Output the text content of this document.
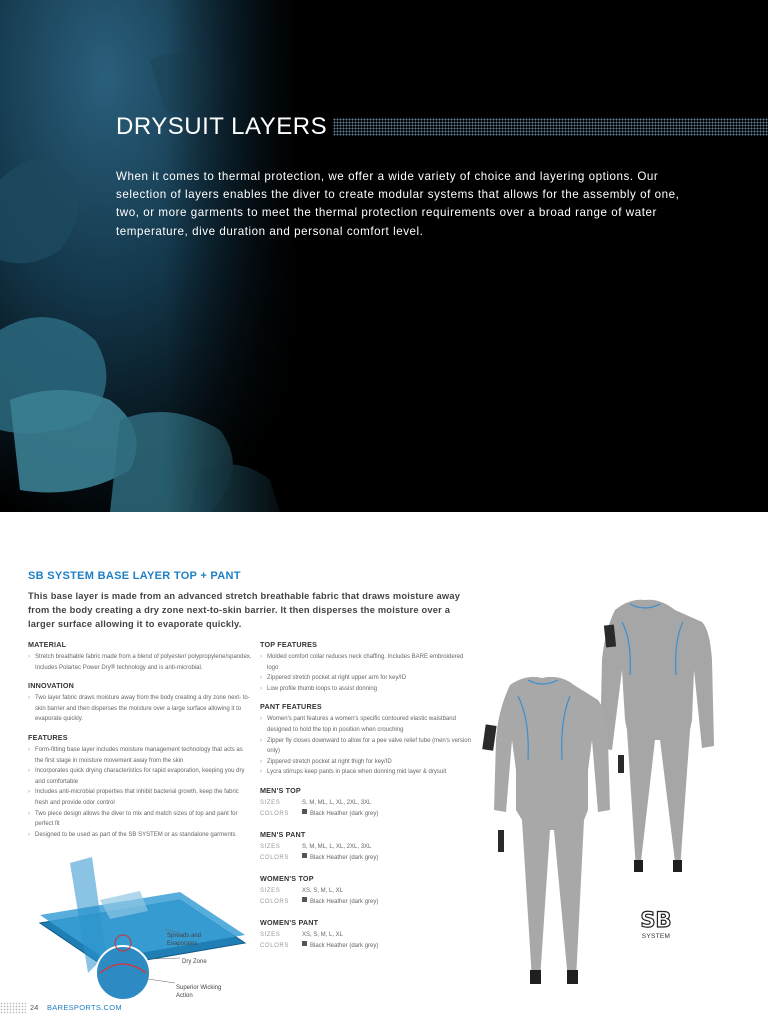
DRYSUIT LAYERS

When it comes to thermal protection, we offer a wide variety of choice and layering options. Our selection of layers enables the diver to create modular systems that allows for the assembly of one, two, or more garments to meet the thermal protection requirements over a broad range of water temperature, dive duration and personal comfort level.

SB SYSTEM BASE LAYER TOP + PANT

This base layer is made from an advanced stretch breathable fabric that draws moisture away from the body creating a dry zone next-to-skin barrier. It then disperses the moisture over a larger surface allowing it to evaporate quickly.

MATERIAL
› Stretch breathable fabric made from a blend of polyester/ polypropylene/spandex. Includes Polartec Power Dry® technology and is anti-microbial.
INNOVATION
› Two layer fabric draws moisture away from the body creating a dry zone next- to-skin barrier and then disperses the moisture over a large surface allowing it to evaporate quickly.
FEATURES
› Form-fitting base layer includes moisture management technology that acts as the first stage in moisture movement away from the skin
› Incorporates quick drying characteristics for rapid evaporation, keeping you dry and comfortable
› Includes anti-microbial properties that inhibit bacterial growth, keep the fabric fresh and provide odor control
› Two piece design allows the diver to mix and match sizes of top and pant for perfect fit
› Designed to be used as part of the SB SYSTEM or as standalone garments
TOP FEATURES
› Molded comfort collar reduces neck chaffing. Includes BARE embroidered logo
› Zippered stretch pocket at right upper arm for key/ID
› Low profile thumb loops to assist donning
PANT FEATURES
› Women's pant features a women's specific contoured elastic waistband designed to hold the top in position when crouching
› Zipper fly closes downward to allow for a pee valve relief tube (men's version only)
› Zippered stretch pocket at right thigh for key/ID
› Lycra stirrups keep pants in place when donning mid layer & drysuit
MEN'S TOP
SIZES	S, M, ML, L, XL, 2XL, 3XL
COLORS	Black Heather (dark grey)
MEN'S PANT
SIZES	S, M, ML, L, XL, 2XL, 3XL
COLORS	Black Heather (dark grey)
WOMEN'S TOP
SIZES	XS, S, M, L, XL
COLORS	Black Heather (dark grey)
WOMEN'S PANT
SIZES	XS, S, M, L, XL
COLORS	Black Heather (dark grey)
Spreads and Evaporates
Dry Zone
Superior Wicking Action
SB
SYSTEM
24 BARESPORTS.COM
